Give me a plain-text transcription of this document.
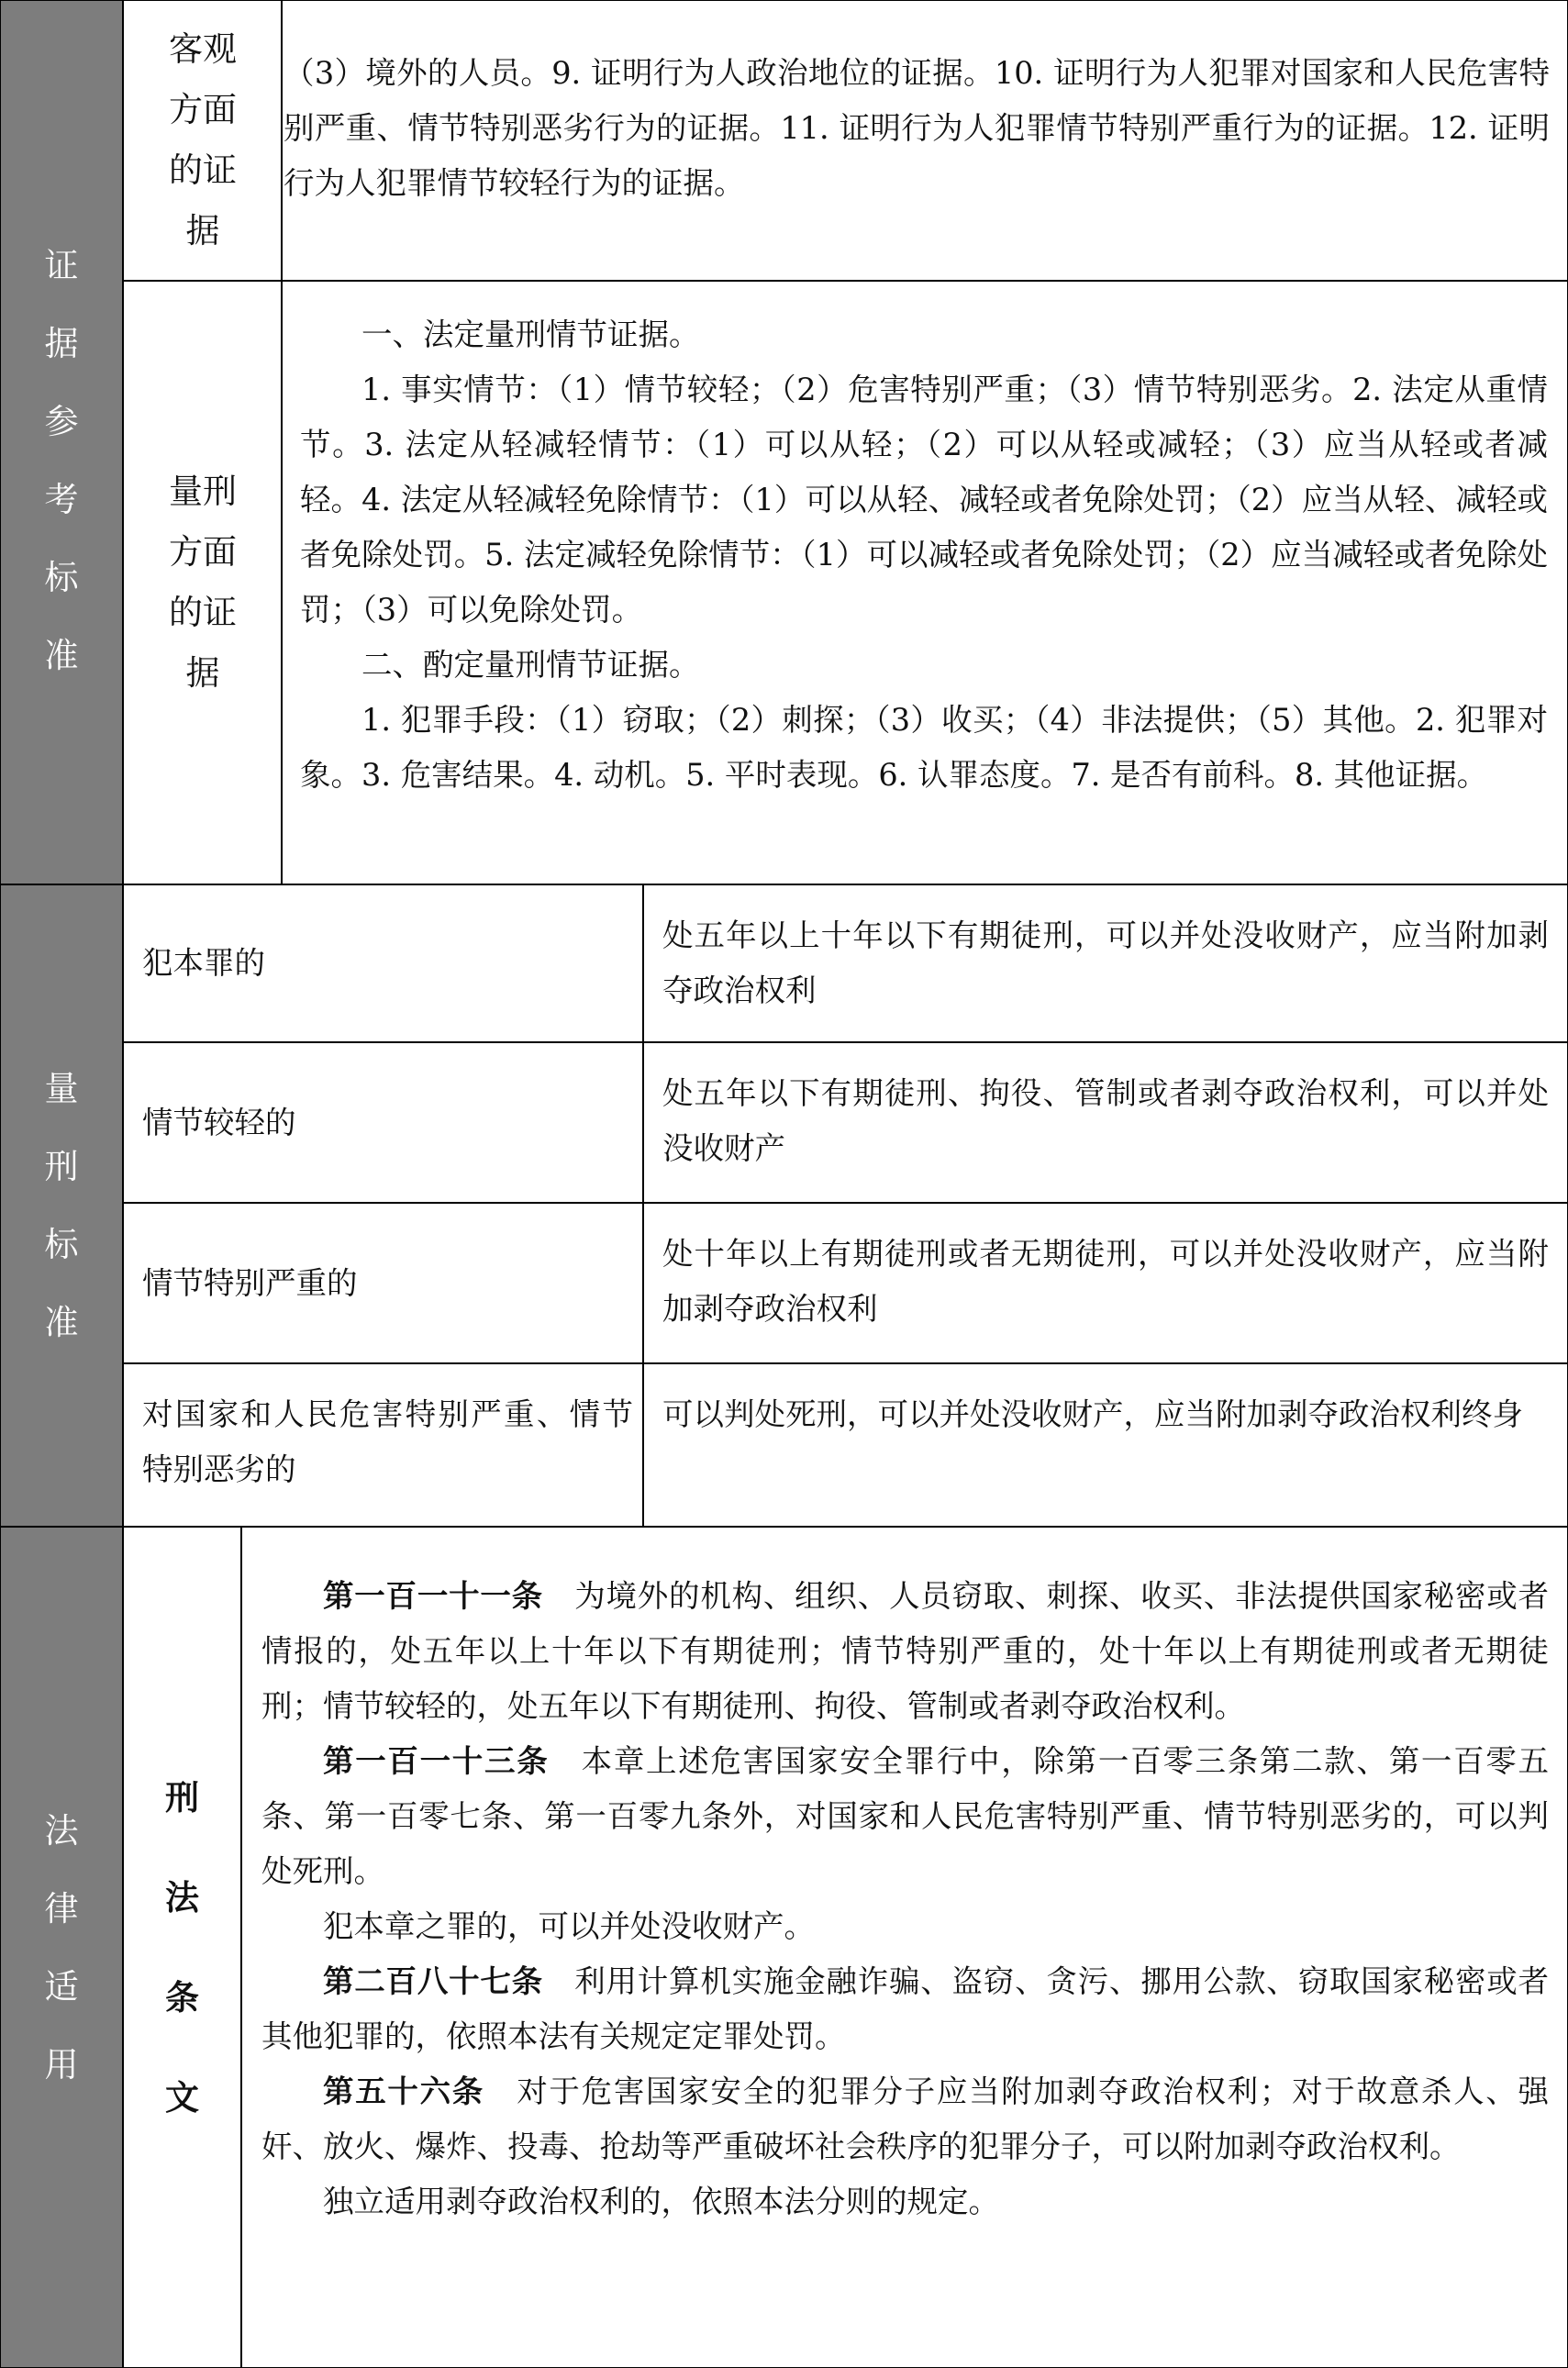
证
据
参
考
标
准
客观方面的证据

（3）境外的人员。9. 证明行为人政治地位的证据。10. 证明行为人犯罪对国家和人民危害特别严重、情节特别恶劣行为的证据。11. 证明行为人犯罪情节特别严重行为的证据。12. 证明行为人犯罪情节较轻行为的证据。

量刑方面的证据

一、法定量刑情节证据。

1. 事实情节：（1）情节较轻；（2）危害特别严重；（3）情节特别恶劣。2. 法定从重情节。3. 法定从轻减轻情节：（1）可以从轻；（2）可以从轻或减轻；（3）应当从轻或者减轻。4. 法定从轻减轻免除情节：（1）可以从轻、减轻或者免除处罚；（2）应当从轻、减轻或者免除处罚。5. 法定减轻免除情节：（1）可以减轻或者免除处罚；（2）应当减轻或者免除处罚；（3）可以免除处罚。

二、酌定量刑情节证据。

1. 犯罪手段：（1）窃取；（2）刺探；（3）收买；（4）非法提供；（5）其他。2. 犯罪对象。3. 危害结果。4. 动机。5. 平时表现。6. 认罪态度。7. 是否有前科。8. 其他证据。

量
刑
标
准
犯本罪的

处五年以上十年以下有期徒刑，可以并处没收财产，应当附加剥夺政治权利

情节较轻的

处五年以下有期徒刑、拘役、管制或者剥夺政治权利，可以并处没收财产

情节特别严重的

处十年以上有期徒刑或者无期徒刑，可以并处没收财产，应当附加剥夺政治权利

对国家和人民危害特别严重、情节特别恶劣的

可以判处死刑，可以并处没收财产，应当附加剥夺政治权利终身

法
律
适
用
刑
法
条
文

第一百一十一条　 为境外的机构、组织、人员窃取、刺探、收买、非法提供国家秘密或者情报的，处五年以上十年以下有期徒刑；情节特别严重的，处十年以上有期徒刑或者无期徒刑；情节较轻的，处五年以下有期徒刑、拘役、管制或者剥夺政治权利。

第一百一十三条　 本章上述危害国家安全罪行中，除第一百零三条第二款、第一百零五条、第一百零七条、第一百零九条外，对国家和人民危害特别严重、情节特别恶劣的，可以判处死刑。

犯本章之罪的，可以并处没收财产。

第二百八十七条　 利用计算机实施金融诈骗、盗窃、贪污、挪用公款、窃取国家秘密或者其他犯罪的，依照本法有关规定定罪处罚。

第五十六条　 对于危害国家安全的犯罪分子应当附加剥夺政治权利；对于故意杀人、强奸、放火、爆炸、投毒、抢劫等严重破坏社会秩序的犯罪分子，可以附加剥夺政治权利。

独立适用剥夺政治权利的，依照本法分则的规定。
